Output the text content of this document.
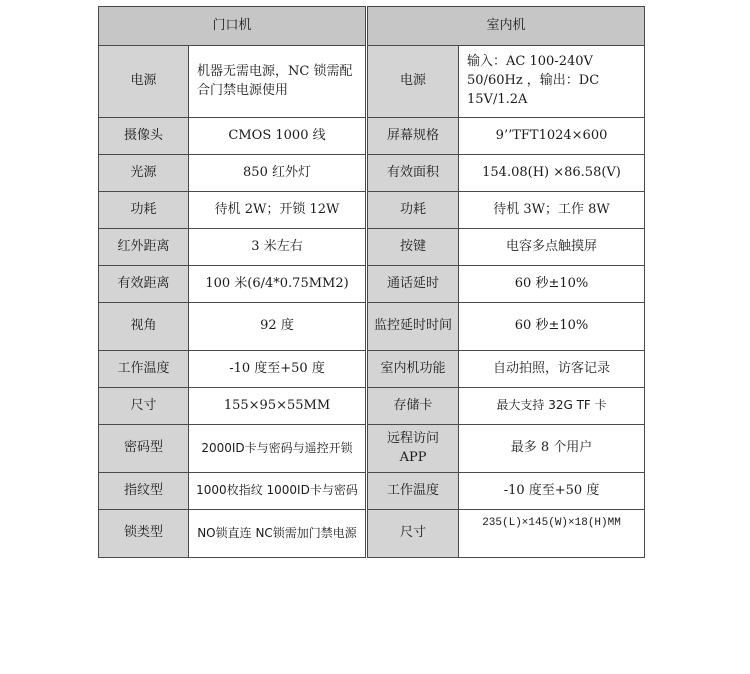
门口机		室内机	
电源	机器无需电源，NC 锁需配合门禁电源使用	电源	输入：AC 100-240V 50/60Hz ，输出：DC 15V/1.2A
摄像头	CMOS 1000 线	屏幕规格	9’’TFT1024×600
光源	850 红外灯	有效面积	154.08(H) ×86.58(V)
功耗	待机 2W；开锁 12W	功耗	待机 3W；工作 8W
红外距离	3 米左右	按键	电容多点触摸屏
有效距离	100 米(6/4*0.75MM2)	通话延时	60 秒±10%
视角	92 度	监控延时时间	60 秒±10%
工作温度	-10 度至+50 度	室内机功能	自动拍照，访客记录
尺寸	155×95×55MM	存储卡	最大支持 32G TF 卡
密码型	2000ID卡与密码与遥控开锁	远程访问 APP	最多 8 个用户
指纹型	1000枚指纹 1000ID卡与密码	工作温度	-10 度至+50 度
锁类型	NO锁直连 NC锁需加门禁电源	尺寸	235(L)×145(W)×18(H)MM
